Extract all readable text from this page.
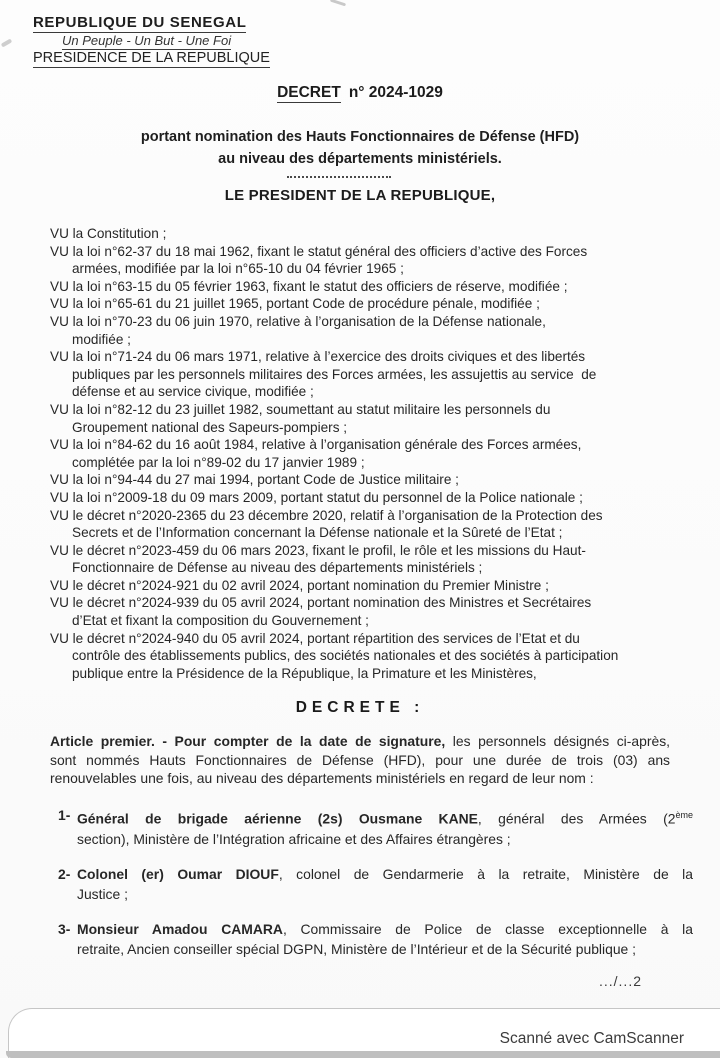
REPUBLIQUE DU SENEGAL
Un Peuple - Un But - Une Foi
PRESIDENCE DE LA REPUBLIQUE
DECRET n° 2024-1029
portant nomination des Hauts Fonctionnaires de Défense (HFD)
au niveau des départements ministériels.
LE PRESIDENT DE LA REPUBLIQUE,
VU la Constitution ;
VU la loi n°62-37 du 18 mai 1962, fixant le statut général des officiers d’active des Forces
armées, modifiée par la loi n°65-10 du 04 février 1965 ;
VU la loi n°63-15 du 05 février 1963, fixant le statut des officiers de réserve, modifiée ;
VU la loi n°65-61 du 21 juillet 1965, portant Code de procédure pénale, modifiée ;
VU la loi n°70-23 du 06 juin 1970, relative à l’organisation de la Défense nationale,
modifiée ;
VU la loi n°71-24 du 06 mars 1971, relative à l’exercice des droits civiques et des libertés
publiques par les personnels militaires des Forces armées, les assujettis au service  de
défense et au service civique, modifiée ;
VU la loi n°82-12 du 23 juillet 1982, soumettant au statut militaire les personnels du
Groupement national des Sapeurs-pompiers ;
VU la loi n°84-62 du 16 août 1984, relative à l’organisation générale des Forces armées,
complétée par la loi n°89-02 du 17 janvier 1989 ;
VU la loi n°94-44 du 27 mai 1994, portant Code de Justice militaire ;
VU la loi n°2009-18 du 09 mars 2009, portant statut du personnel de la Police nationale ;
VU le décret n°2020-2365 du 23 décembre 2020, relatif à l’organisation de la Protection des
Secrets et de l’Information concernant la Défense nationale et la Sûreté de l’Etat ;
VU le décret n°2023-459 du 06 mars 2023, fixant le profil, le rôle et les missions du Haut-
Fonctionnaire de Défense au niveau des départements ministériels ;
VU le décret n°2024-921 du 02 avril 2024, portant nomination du Premier Ministre ;
VU le décret n°2024-939 du 05 avril 2024, portant nomination des Ministres et Secrétaires
d’Etat et fixant la composition du Gouvernement ;
VU le décret n°2024-940 du 05 avril 2024, portant répartition des services de l’Etat et du
contrôle des établissements publics, des sociétés nationales et des sociétés à participation
publique entre la Présidence de la République, la Primature et les Ministères,
DECRETE :
Article premier. - Pour compter de la date de signature, les personnels désignés ci-après,
sont nommés Hauts Fonctionnaires de Défense (HFD), pour une durée de trois (03) ans
renouvelables une fois, au niveau des départements ministériels en regard de leur nom :
1- Général de brigade aérienne (2s) Ousmane KANE, général des Armées (2ème
section), Ministère de l’Intégration africaine et des Affaires étrangères ;
2- Colonel (er) Oumar DIOUF, colonel de Gendarmerie à la retraite, Ministère de la
Justice ;
3- Monsieur Amadou CAMARA, Commissaire de Police de classe exceptionnelle à la
retraite, Ancien conseiller spécial DGPN, Ministère de l’Intérieur et de la Sécurité publique ;
.../...2
Scanné avec CamScanner
